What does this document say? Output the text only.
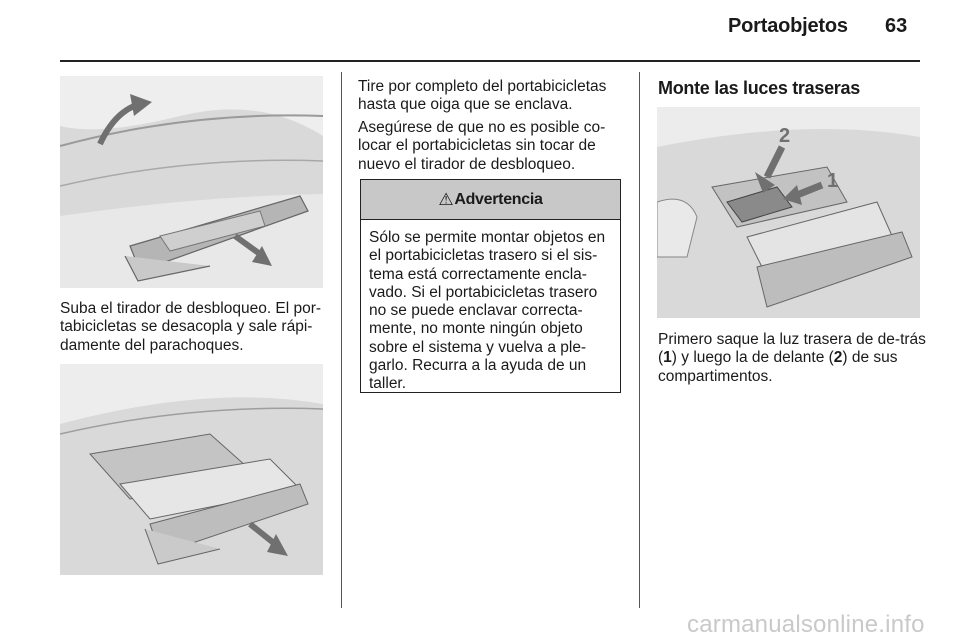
Portaobjetos 63

Suba el tirador de desbloqueo. El por-tabicicletas se desacopla y sale rápi-damente del parachoques.

Tire por completo del portabicicletas hasta que oiga que se enclava.

Asegúrese de que no es posible co-locar el portabicicletas sin tocar de nuevo el tirador de desbloqueo.

⚠ Advertencia
Sólo se permite montar objetos en el portabicicletas trasero si el sis-tema está correctamente encla-vado. Si el portabicicletas trasero no se puede enclavar correcta-mente, no monte ningún objeto sobre el sistema y vuelva a ple-garlo. Recurra a la ayuda de un taller.
Monte las luces traseras
2
1

Primero saque la luz trasera de de-trás (1) y luego la de delante (2) de sus compartimentos.

carmanualsonline.info
